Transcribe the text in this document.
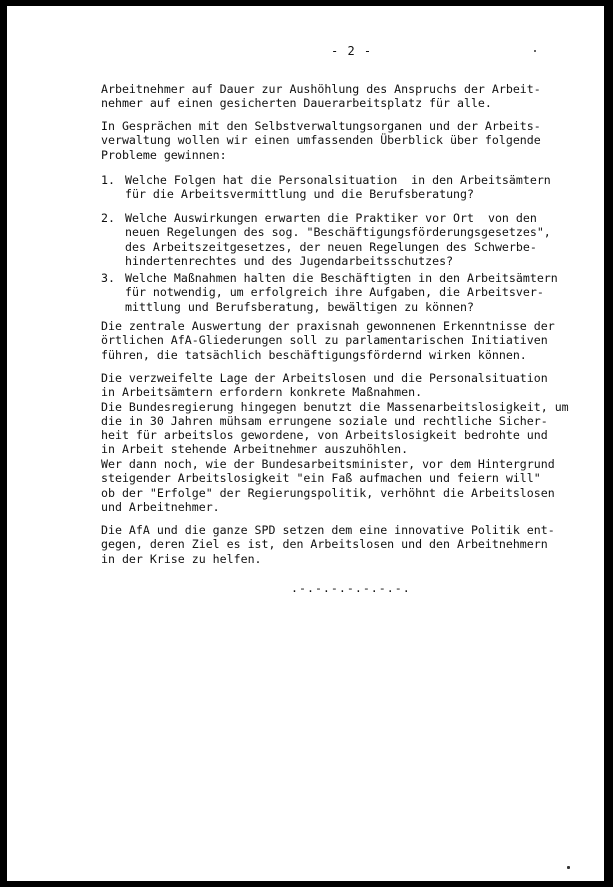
- 2 -
Arbeitnehmer auf Dauer zur Aushöhlung des Anspruchs der Arbeit-
nehmer auf einen gesicherten Dauerarbeitsplatz für alle.
In Gesprächen mit den Selbstverwaltungsorganen und der Arbeits-
verwaltung wollen wir einen umfassenden Überblick über folgende
Probleme gewinnen:
1. Welche Folgen hat die Personalsituation  in den Arbeitsämtern
für die Arbeitsvermittlung und die Berufsberatung?
2. Welche Auswirkungen erwarten die Praktiker vor Ort  von den
neuen Regelungen des sog. "Beschäftigungsförderungsgesetzes",
des Arbeitszeitgesetzes, der neuen Regelungen des Schwerbe-
hindertenrechtes und des Jugendarbeitsschutzes?
3. Welche Maßnahmen halten die Beschäftigten in den Arbeitsämtern
für notwendig, um erfolgreich ihre Aufgaben, die Arbeitsver-
mittlung und Berufsberatung, bewältigen zu können?
Die zentrale Auswertung der praxisnah gewonnenen Erkenntnisse der
örtlichen AfA-Gliederungen soll zu parlamentarischen Initiativen
führen, die tatsächlich beschäftigungsfördernd wirken können.
Die verzweifelte Lage der Arbeitslosen und die Personalsituation
in Arbeitsämtern erfordern konkrete Maßnahmen.
Die Bundesregierung hingegen benutzt die Massenarbeitslosigkeit, um
die in 30 Jahren mühsam errungene soziale und rechtliche Sicher-
heit für arbeitslos gewordene, von Arbeitslosigkeit bedrohte und
in Arbeit stehende Arbeitnehmer auszuhöhlen.
Wer dann noch, wie der Bundesarbeitsminister, vor dem Hintergrund
steigender Arbeitslosigkeit "ein Faß aufmachen und feiern will"
ob der "Erfolge" der Regierungspolitik, verhöhnt die Arbeitslosen
und Arbeitnehmer.
Die AfA und die ganze SPD setzen dem eine innovative Politik ent-
gegen, deren Ziel es ist, den Arbeitslosen und den Arbeitnehmern
in der Krise zu helfen.
.-.-.-.-.-.-.-.
